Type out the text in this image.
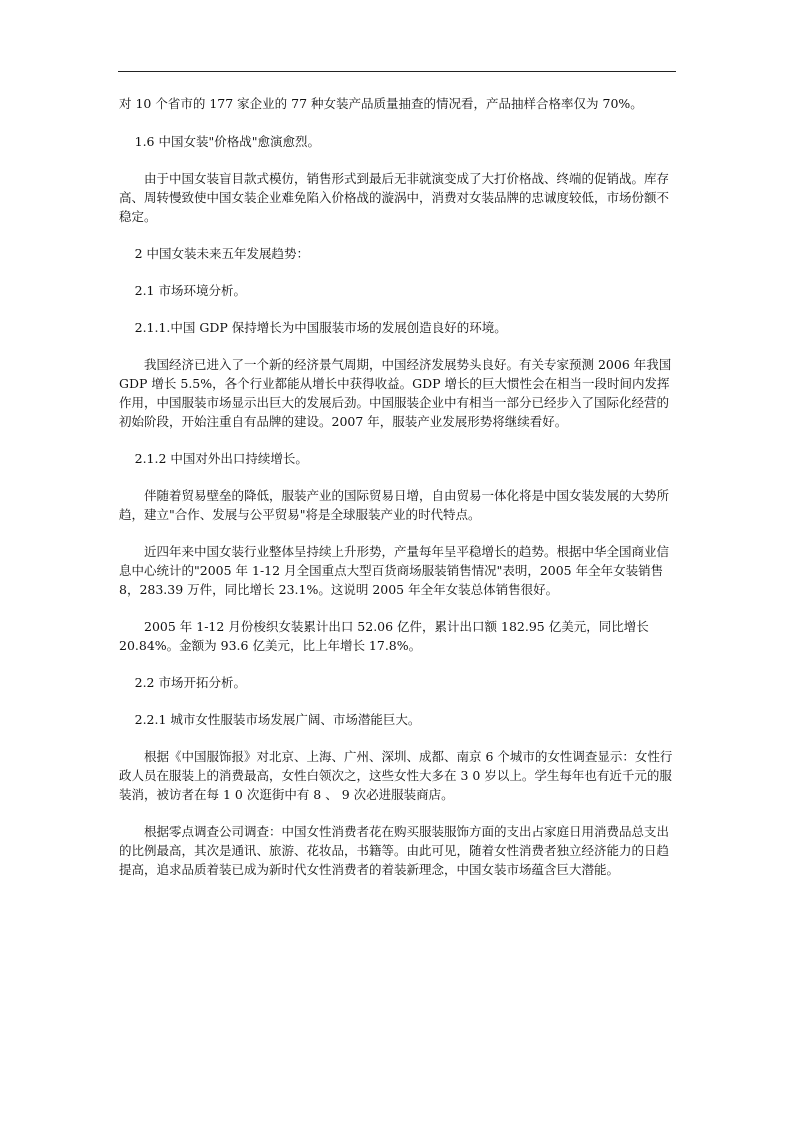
对 10 个省市的 177 家企业的 77 种女装产品质量抽查的情况看，产品抽样合格率仅为 70%。

1.6 中国女装"价格战"愈演愈烈。

由于中国女装盲目款式模仿，销售形式到最后无非就演变成了大打价格战、终端的促销战。库存高、周转慢致使中国女装企业难免陷入价格战的漩涡中，消费对女装品牌的忠诚度较低，市场份额不稳定。

2 中国女装未来五年发展趋势：

2.1 市场环境分析。

2.1.1.中国 GDP 保持增长为中国服装市场的发展创造良好的环境。

我国经济已进入了一个新的经济景气周期，中国经济发展势头良好。有关专家预测 2006 年我国 GDP 增长 5.5%，各个行业都能从增长中获得收益。GDP 增长的巨大惯性会在相当一段时间内发挥作用，中国服装市场显示出巨大的发展后劲。中国服装企业中有相当一部分已经步入了国际化经营的初始阶段，开始注重自有品牌的建设。2007 年，服装产业发展形势将继续看好。

2.1.2 中国对外出口持续增长。

伴随着贸易壁垒的降低，服装产业的国际贸易日增，自由贸易一体化将是中国女装发展的大势所趋，建立"合作、发展与公平贸易"将是全球服装产业的时代特点。

近四年来中国女装行业整体呈持续上升形势，产量每年呈平稳增长的趋势。根据中华全国商业信息中心统计的"2005 年 1-12 月全国重点大型百货商场服装销售情况"表明，2005 年全年女装销售 8，283.39 万件，同比增长 23.1%。这说明 2005 年全年女装总体销售很好。

2005 年 1-12 月份梭织女装累计出口 52.06 亿件，累计出口额 182.95 亿美元，同比增长 20.84%。金额为 93.6 亿美元，比上年增长 17.8%。

2.2 市场开拓分析。

2.2.1 城市女性服装市场发展广阔、市场潜能巨大。

根据《中国服饰报》对北京、上海、广州、深圳、成都、南京 6 个城市的女性调查显示：女性行政人员在服装上的消费最高，女性白领次之，这些女性大多在 3 0 岁以上。学生每年也有近千元的服装消，被访者在每 1 0 次逛街中有 8 、 9 次必进服装商店。

根据零点调查公司调查：中国女性消费者花在购买服装服饰方面的支出占家庭日用消费品总支出的比例最高，其次是通讯、旅游、花妆品，书籍等。由此可见，随着女性消费者独立经济能力的日趋提高，追求品质着装已成为新时代女性消费者的着装新理念，中国女装市场蕴含巨大潜能。
